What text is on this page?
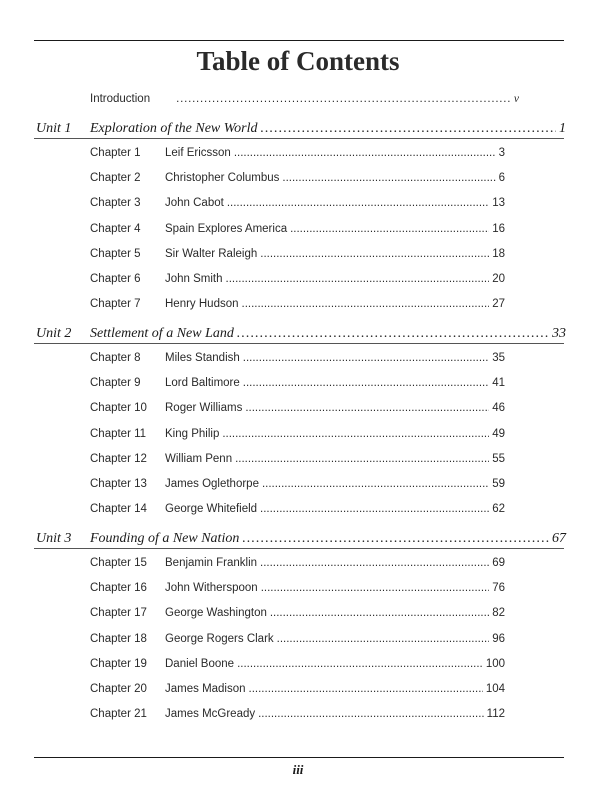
Table of Contents
Introduction . . .	v
Unit 1	Exploration of the New World . . .	1
Chapter 1	Leif Ericsson . . .	3
Chapter 2	Christopher Columbus . . .	6
Chapter 3	John Cabot . . .	13
Chapter 4	Spain Explores America . . .	16
Chapter 5	Sir Walter Raleigh . . .	18
Chapter 6	John Smith . . .	20
Chapter 7	Henry Hudson . . .	27
Unit 2	Settlement of a New Land . . .	33
Chapter 8	Miles Standish . . .	35
Chapter 9	Lord Baltimore . . .	41
Chapter 10	Roger Williams . . .	46
Chapter 11	King Philip . . .	49
Chapter 12	William Penn . . .	55
Chapter 13	James Oglethorpe . . .	59
Chapter 14	George Whitefield . . .	62
Unit 3	Founding of a New Nation . . .	67
Chapter 15	Benjamin Franklin . . .	69
Chapter 16	John Witherspoon . . .	76
Chapter 17	George Washington . . .	82
Chapter 18	George Rogers Clark . . .	96
Chapter 19	Daniel Boone . . .	100
Chapter 20	James Madison . . .	104
Chapter 21	James McGready . . .	112
iii
